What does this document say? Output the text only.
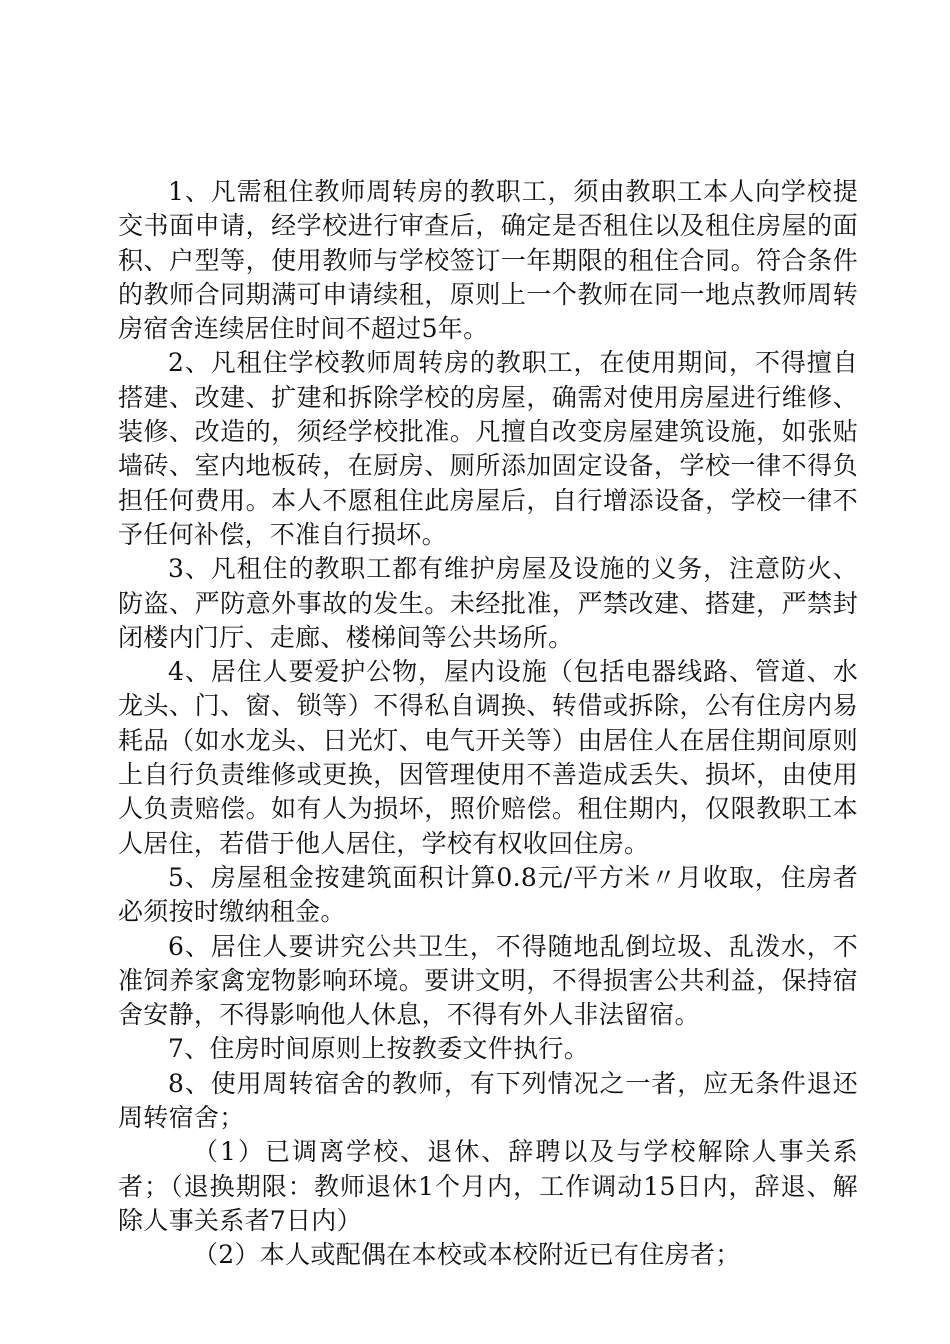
1、凡需租住教师周转房的教职工，须由教职工本人向学校提交书面申请，经学校进行审查后，确定是否租住以及租住房屋的面积、户型等，使用教师与学校签订一年期限的租住合同。符合条件的教师合同期满可申请续租，原则上一个教师在同一地点教师周转房宿舍连续居住时间不超过5年。

2、凡租住学校教师周转房的教职工，在使用期间，不得擅自搭建、改建、扩建和拆除学校的房屋，确需对使用房屋进行维修、装修、改造的，须经学校批准。凡擅自改变房屋建筑设施，如张贴墙砖、室内地板砖，在厨房、厕所添加固定设备，学校一律不得负担任何费用。本人不愿租住此房屋后，自行增添设备，学校一律不予任何补偿，不准自行损坏。

3、凡租住的教职工都有维护房屋及设施的义务，注意防火、防盗、严防意外事故的发生。未经批准，严禁改建、搭建，严禁封闭楼内门厅、走廊、楼梯间等公共场所。

4、居住人要爱护公物，屋内设施（包括电器线路、管道、水龙头、门、窗、锁等）不得私自调换、转借或拆除，公有住房内易耗品（如水龙头、日光灯、电气开关等）由居住人在居住期间原则上自行负责维修或更换，因管理使用不善造成丢失、损坏，由使用人负责赔偿。如有人为损坏，照价赔偿。租住期内，仅限教职工本人居住，若借于他人居住，学校有权收回住房。

5、房屋租金按建筑面积计算0.8元/平方米〃月收取，住房者必须按时缴纳租金。

6、居住人要讲究公共卫生，不得随地乱倒垃圾、乱泼水，不准饲养家禽宠物影响环境。要讲文明，不得损害公共利益，保持宿舍安静，不得影响他人休息，不得有外人非法留宿。

7、住房时间原则上按教委文件执行。

8、使用周转宿舍的教师，有下列情况之一者，应无条件退还周转宿舍；

（1）已调离学校、退休、辞聘以及与学校解除人事关系者；（退换期限：教师退休1个月内，工作调动15日内，辞退、解除人事关系者7日内）

（2）本人或配偶在本校或本校附近已有住房者；
